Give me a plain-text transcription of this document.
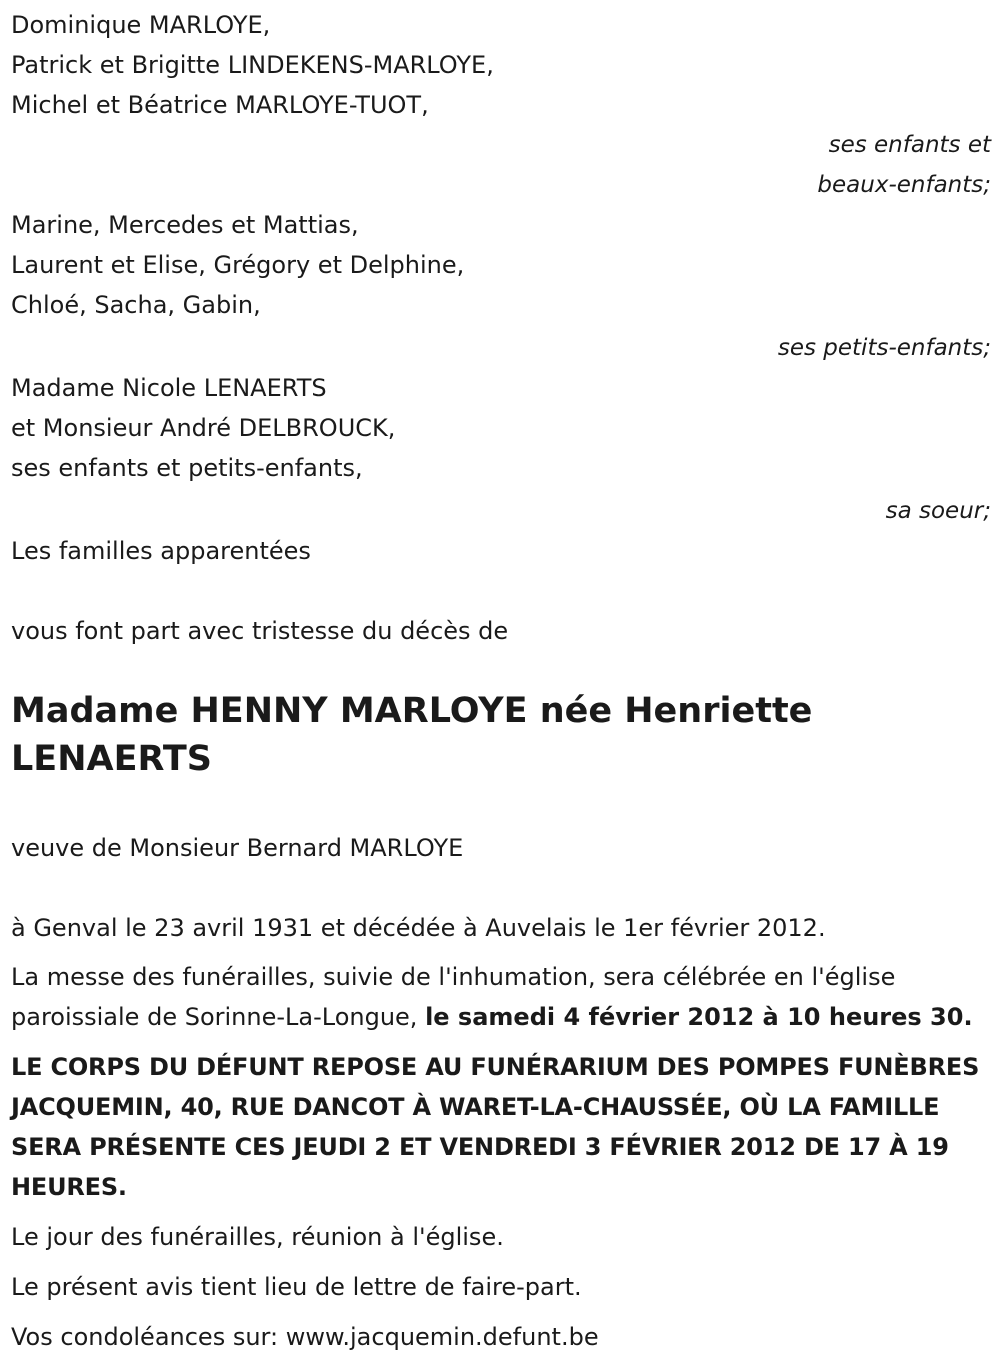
Dominique MARLOYE,
Patrick et Brigitte LINDEKENS-MARLOYE,
Michel et Béatrice MARLOYE-TUOT,
ses enfants et
beaux-enfants;
Marine, Mercedes et Mattias,
Laurent et Elise, Grégory et Delphine,
Chloé, Sacha, Gabin,
ses petits-enfants;
Madame Nicole LENAERTS
et Monsieur André DELBROUCK,
ses enfants et petits-enfants,
sa soeur;
Les familles apparentées
vous font part avec tristesse du décès de
Madame HENNY MARLOYE née Henriette
LENAERTS
veuve de Monsieur Bernard MARLOYE
à Genval le 23 avril 1931 et décédée à Auvelais le 1er février 2012.
La messe des funérailles, suivie de l'inhumation, sera célébrée en l'église paroissiale de Sorinne-La-Longue, le samedi 4 février 2012 à 10 heures 30.
LE CORPS DU DÉFUNT REPOSE AU FUNÉRARIUM DES POMPES FUNÈBRES JACQUEMIN, 40, RUE DANCOT À WARET-LA-CHAUSSÉE, OÙ LA FAMILLE SERA PRÉSENTE CES JEUDI 2 ET VENDREDI 3 FÉVRIER 2012 DE 17 À 19 HEURES.
Le jour des funérailles, réunion à l'église.
Le présent avis tient lieu de lettre de faire-part.
Vos condoléances sur: www.jacquemin.defunt.be
